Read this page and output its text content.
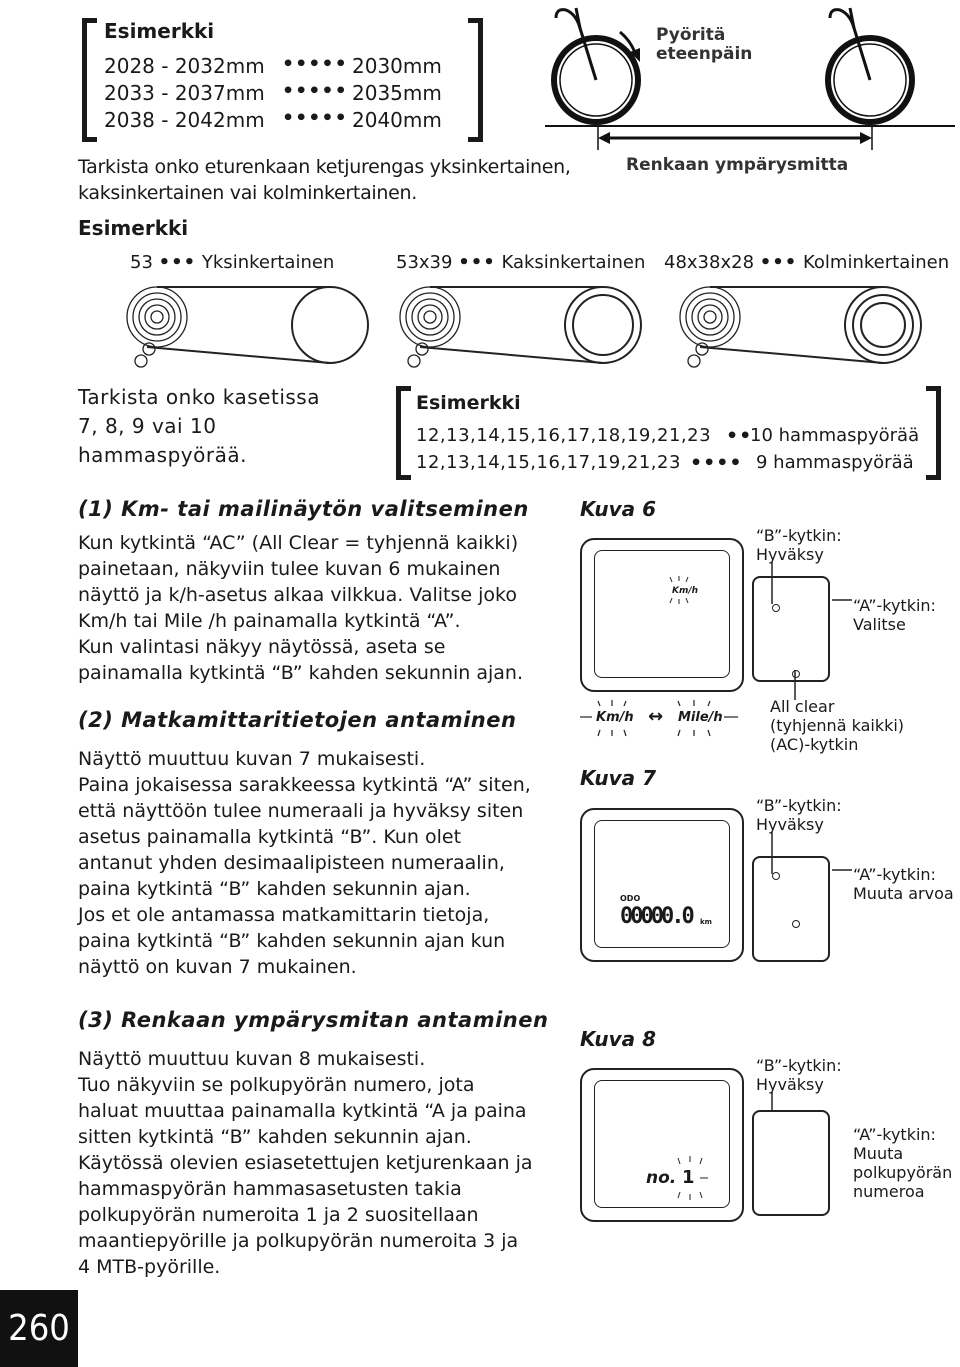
Esimerkki
2028 - 2032mm ••••• 2030mm
2033 - 2037mm ••••• 2035mm
2038 - 2042mm ••••• 2040mm
Pyöritä
eteenpäin
Renkaan ympärysmitta
Tarkista onko eturenkaan ketjurengas yksinkertainen,
kaksinkertainen vai kolminkertainen.
Esimerkki
53 ••• Yksinkertainen	53x39 ••• Kaksinkertainen 48x38x28 ••• Kolminkertainen
Tarkista onko kasetissa
7, 8, 9 vai 10
hammaspyörää.
Esimerkki
12,13,14,15,16,17,18,19,21,23 ••
10 hammaspyörää
12,13,14,15,16,17,19,21,23 •••• 9 hammaspyörää
(1) Km- tai mailinäytön valitseminen
Kun kytkintä “AC” (All Clear = tyhjennä kaikki)
painetaan, näkyviin tulee kuvan 6 mukainen
näyttö ja k/h-asetus alkaa vilkkua. Valitse joko
Km/h tai Mile /h painamalla kytkintä “A”.
Kun valintasi näkyy näytössä, aseta se
painamalla kytkintä “B” kahden sekunnin ajan.
(2) Matkamittaritietojen antaminen
Näyttö muuttuu kuvan 7 mukaisesti.
Paina jokaisessa sarakkeessa kytkintä “A” siten,
että näyttöön tulee numeraali ja hyväksy siten
asetus painamalla kytkintä “B”. Kun olet
antanut yhden desimaalipisteen numeraalin,
paina kytkintä “B” kahden sekunnin ajan.
Jos et ole antamassa matkamittarin tietoja,
paina kytkintä “B” kahden sekunnin ajan kun
näyttö on kuvan 7 mukainen.
(3) Renkaan ympärysmitan antaminen
Näyttö muuttuu kuvan 8 mukaisesti.
Tuo näkyviin se polkupyörän numero, jota
haluat muuttaa painamalla kytkintä “A ja paina
sitten kytkintä “B” kahden sekunnin ajan.
Käytössä olevien esiasetettujen ketjurenkaan ja
hammaspyörän hammasasetusten takia
polkupyörän numeroita 1 ja 2 suositellaan
maantiepyörille ja polkupyörän numeroita 3 ja
4 MTB-pyörille.
Kuva 6
Km/h
“B”-kytkin:
Hyväksy
“A”-kytkin:
Valitse
Km/h ↔ Mile/h
All clear
(tyhjennä kaikki)
(AC)-kytkin
Kuva 7
ODO
00000.0 km
“B”-kytkin:
Hyväksy
“A”-kytkin:
Muuta arvoa
Kuva 8
no. 1
“B”-kytkin:
Hyväksy
“A”-kytkin:
Muuta
polkupyörän
numeroa
260
